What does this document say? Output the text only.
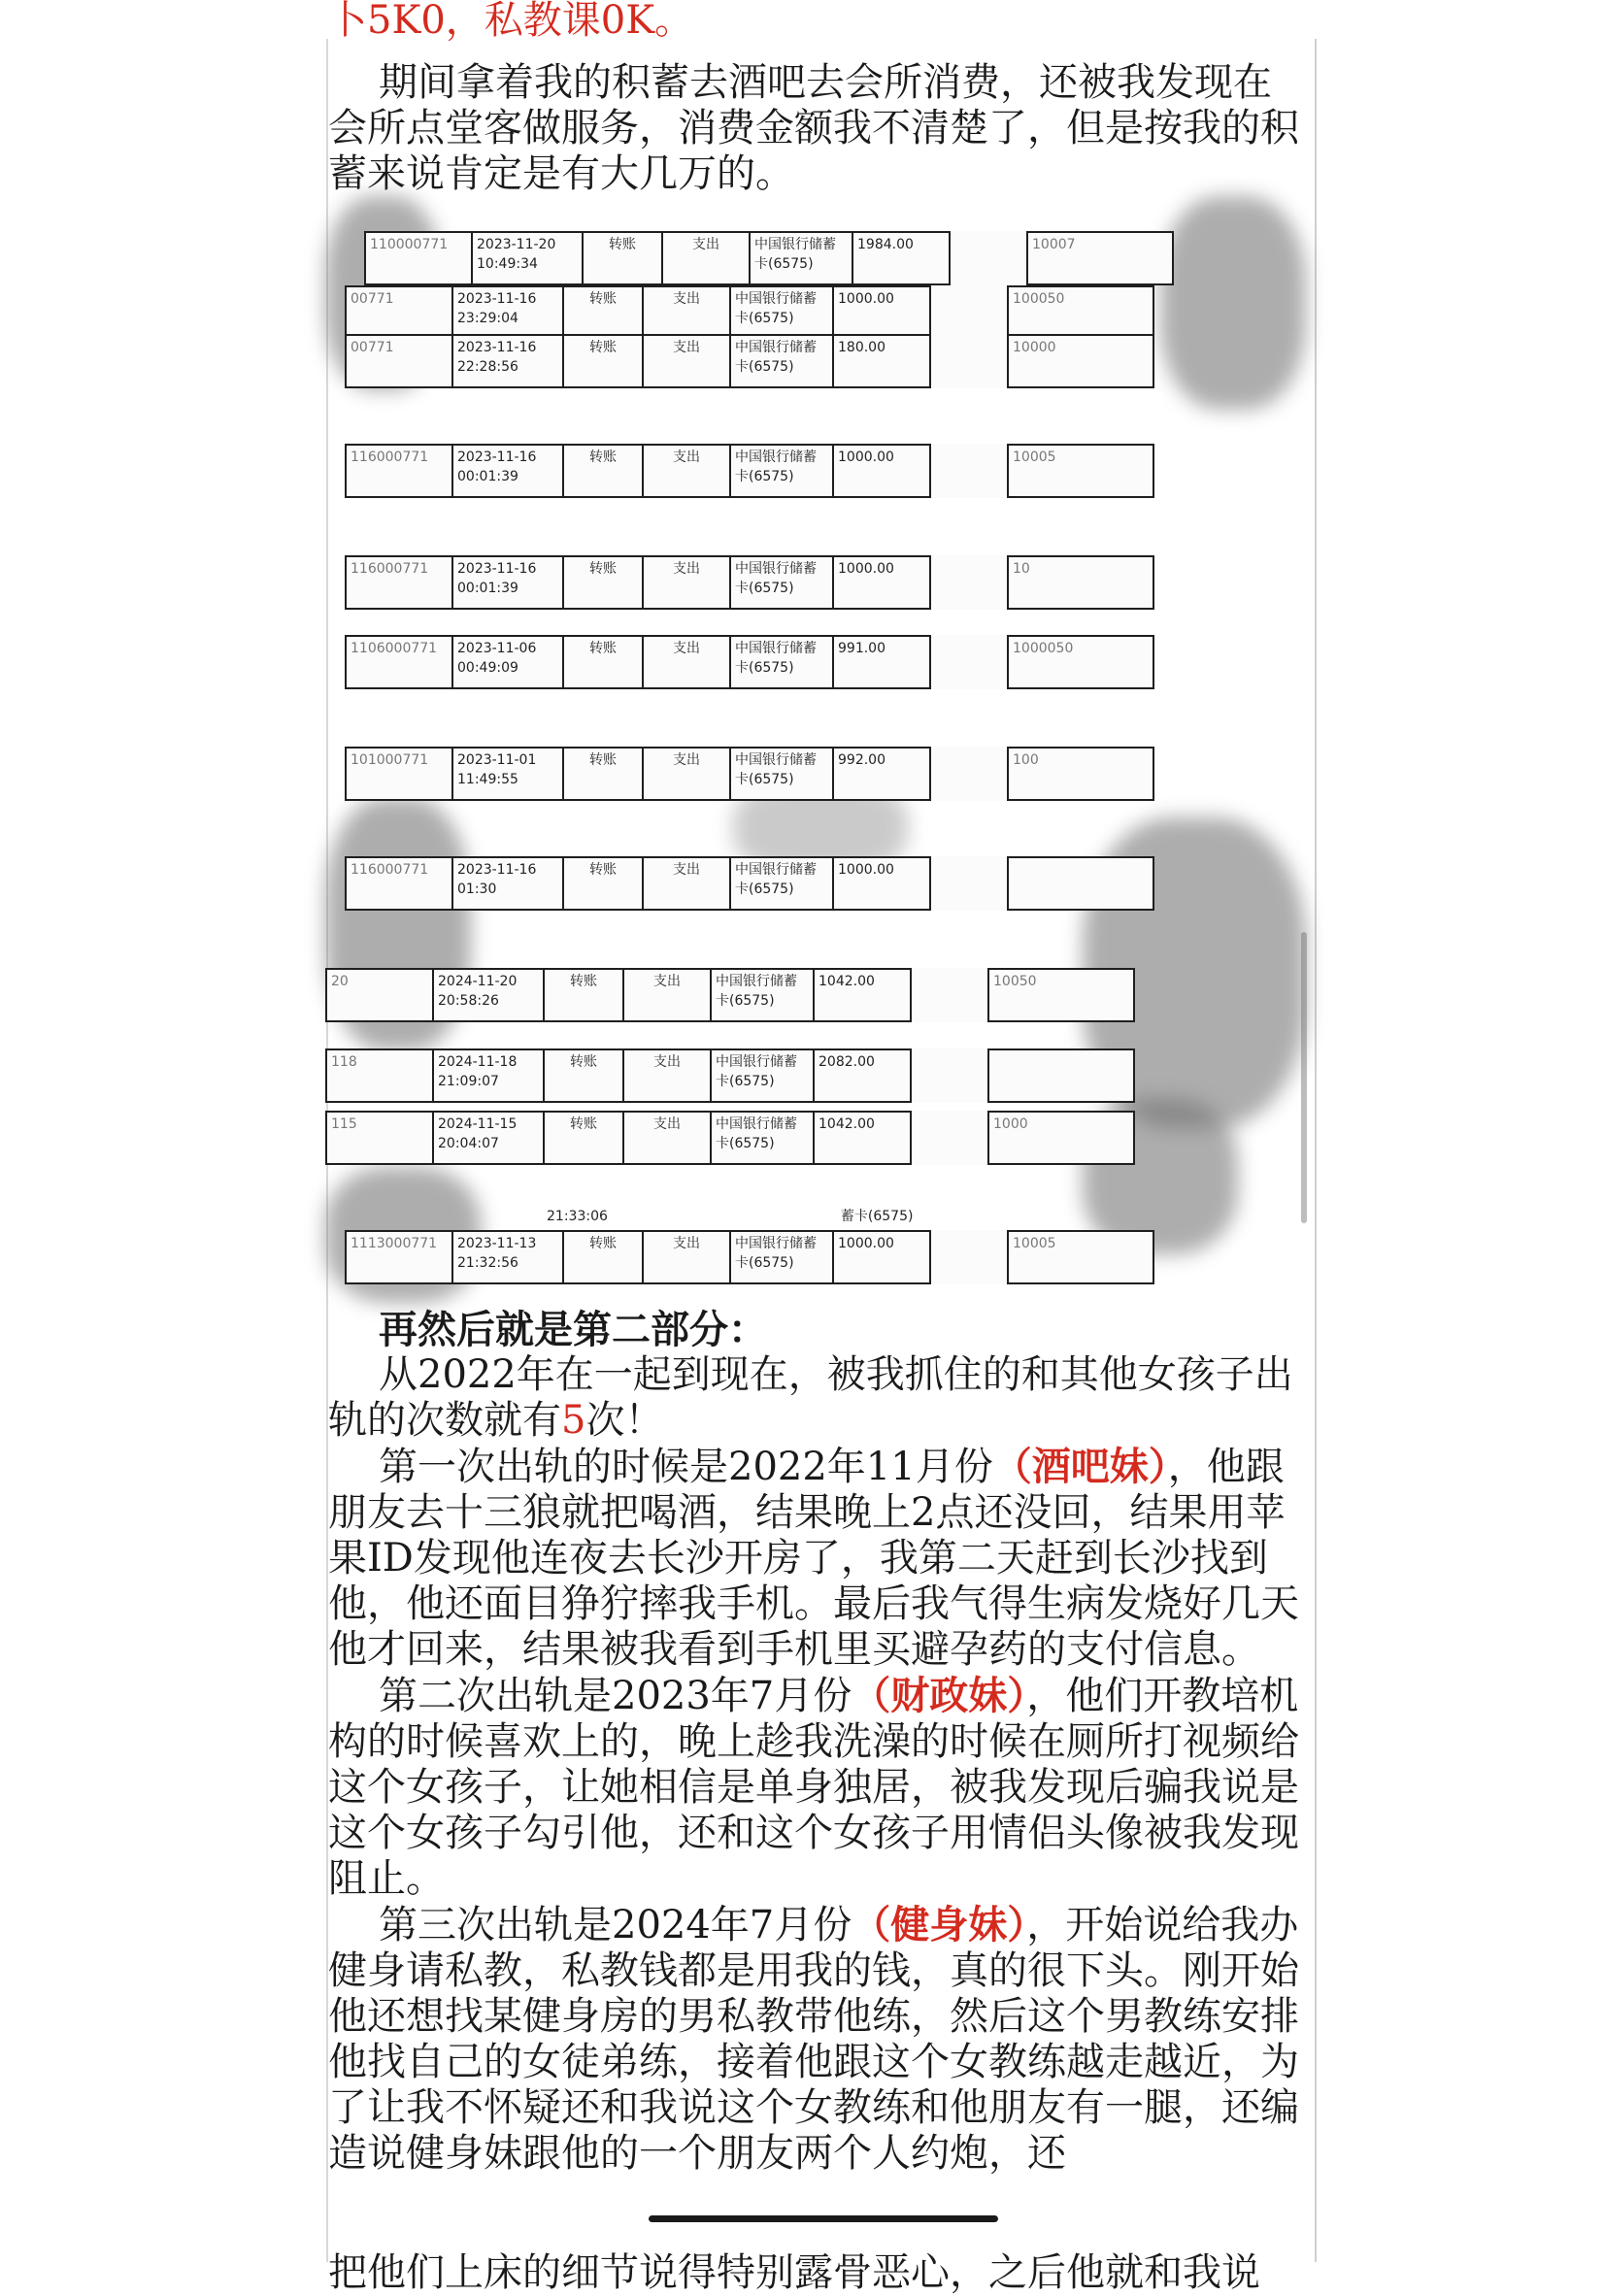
卜5K0，私教课0K。

期间拿着我的积蓄去酒吧去会所消费，还被我发现在会所点堂客做服务，消费金额我不清楚了，但是按我的积蓄来说肯定是有大几万的。

110000771	2023-11-20
10:49:34	转账	支出	中国银行储蓄卡(6575)	1984.00		10007
00771	2023-11-16
23:29:04	转账	支出	中国银行储蓄卡(6575)	1000.00		100050
00771	2023-11-16
22:28:56	转账	支出	中国银行储蓄卡(6575)	180.00		10000
116000771	2023-11-16
00:01:39	转账	支出	中国银行储蓄卡(6575)	1000.00		10005
116000771	2023-11-16
00:01:39	转账	支出	中国银行储蓄卡(6575)	1000.00		10
1106000771	2023-11-06
00:49:09	转账	支出	中国银行储蓄卡(6575)	991.00		1000050
101000771	2023-11-01
11:49:55	转账	支出	中国银行储蓄卡(6575)	992.00		100
116000771	2023-11-16
01:30	转账	支出	中国银行储蓄卡(6575)	1000.00		
20	2024-11-20
20:58:26	转账	支出	中国银行储蓄卡(6575)	1042.00		10050
118	2024-11-18
21:09:07	转账	支出	中国银行储蓄卡(6575)	2082.00		
115	2024-11-15
20:04:07	转账	支出	中国银行储蓄卡(6575)	1042.00		1000
1113000771	2023-11-13
21:32:56	转账	支出	中国银行储蓄卡(6575)	1000.00		10005
21:33:06	蓄卡(6575)

再然后就是第二部分：

从2022年在一起到现在，被我抓住的和其他女孩子出轨的次数就有5次！

第一次出轨的时候是2022年11月份（酒吧妹），他跟朋友去十三狼就把喝酒，结果晚上2点还没回，结果用苹果ID发现他连夜去长沙开房了，我第二天赶到长沙找到他，他还面目狰狞摔我手机。最后我气得生病发烧好几天他才回来，结果被我看到手机里买避孕药的支付信息。

第二次出轨是2023年7月份（财政妹），他们开教培机构的时候喜欢上的，晚上趁我洗澡的时候在厕所打视频给这个女孩子，让她相信是单身独居，被我发现后骗我说是这个女孩子勾引他，还和这个女孩子用情侣头像被我发现阻止。

第三次出轨是2024年7月份（健身妹），开始说给我办健身请私教，私教钱都是用我的钱，真的很下头。刚开始他还想找某健身房的男私教带他练，然后这个男教练安排他找自己的女徒弟练，接着他跟这个女教练越走越近，为了让我不怀疑还和我说这个女教练和他朋友有一腿，还编造说健身妹跟他的一个朋友两个人约炮，还

把他们上床的细节说得特别露骨恶心，之后他就和我说
